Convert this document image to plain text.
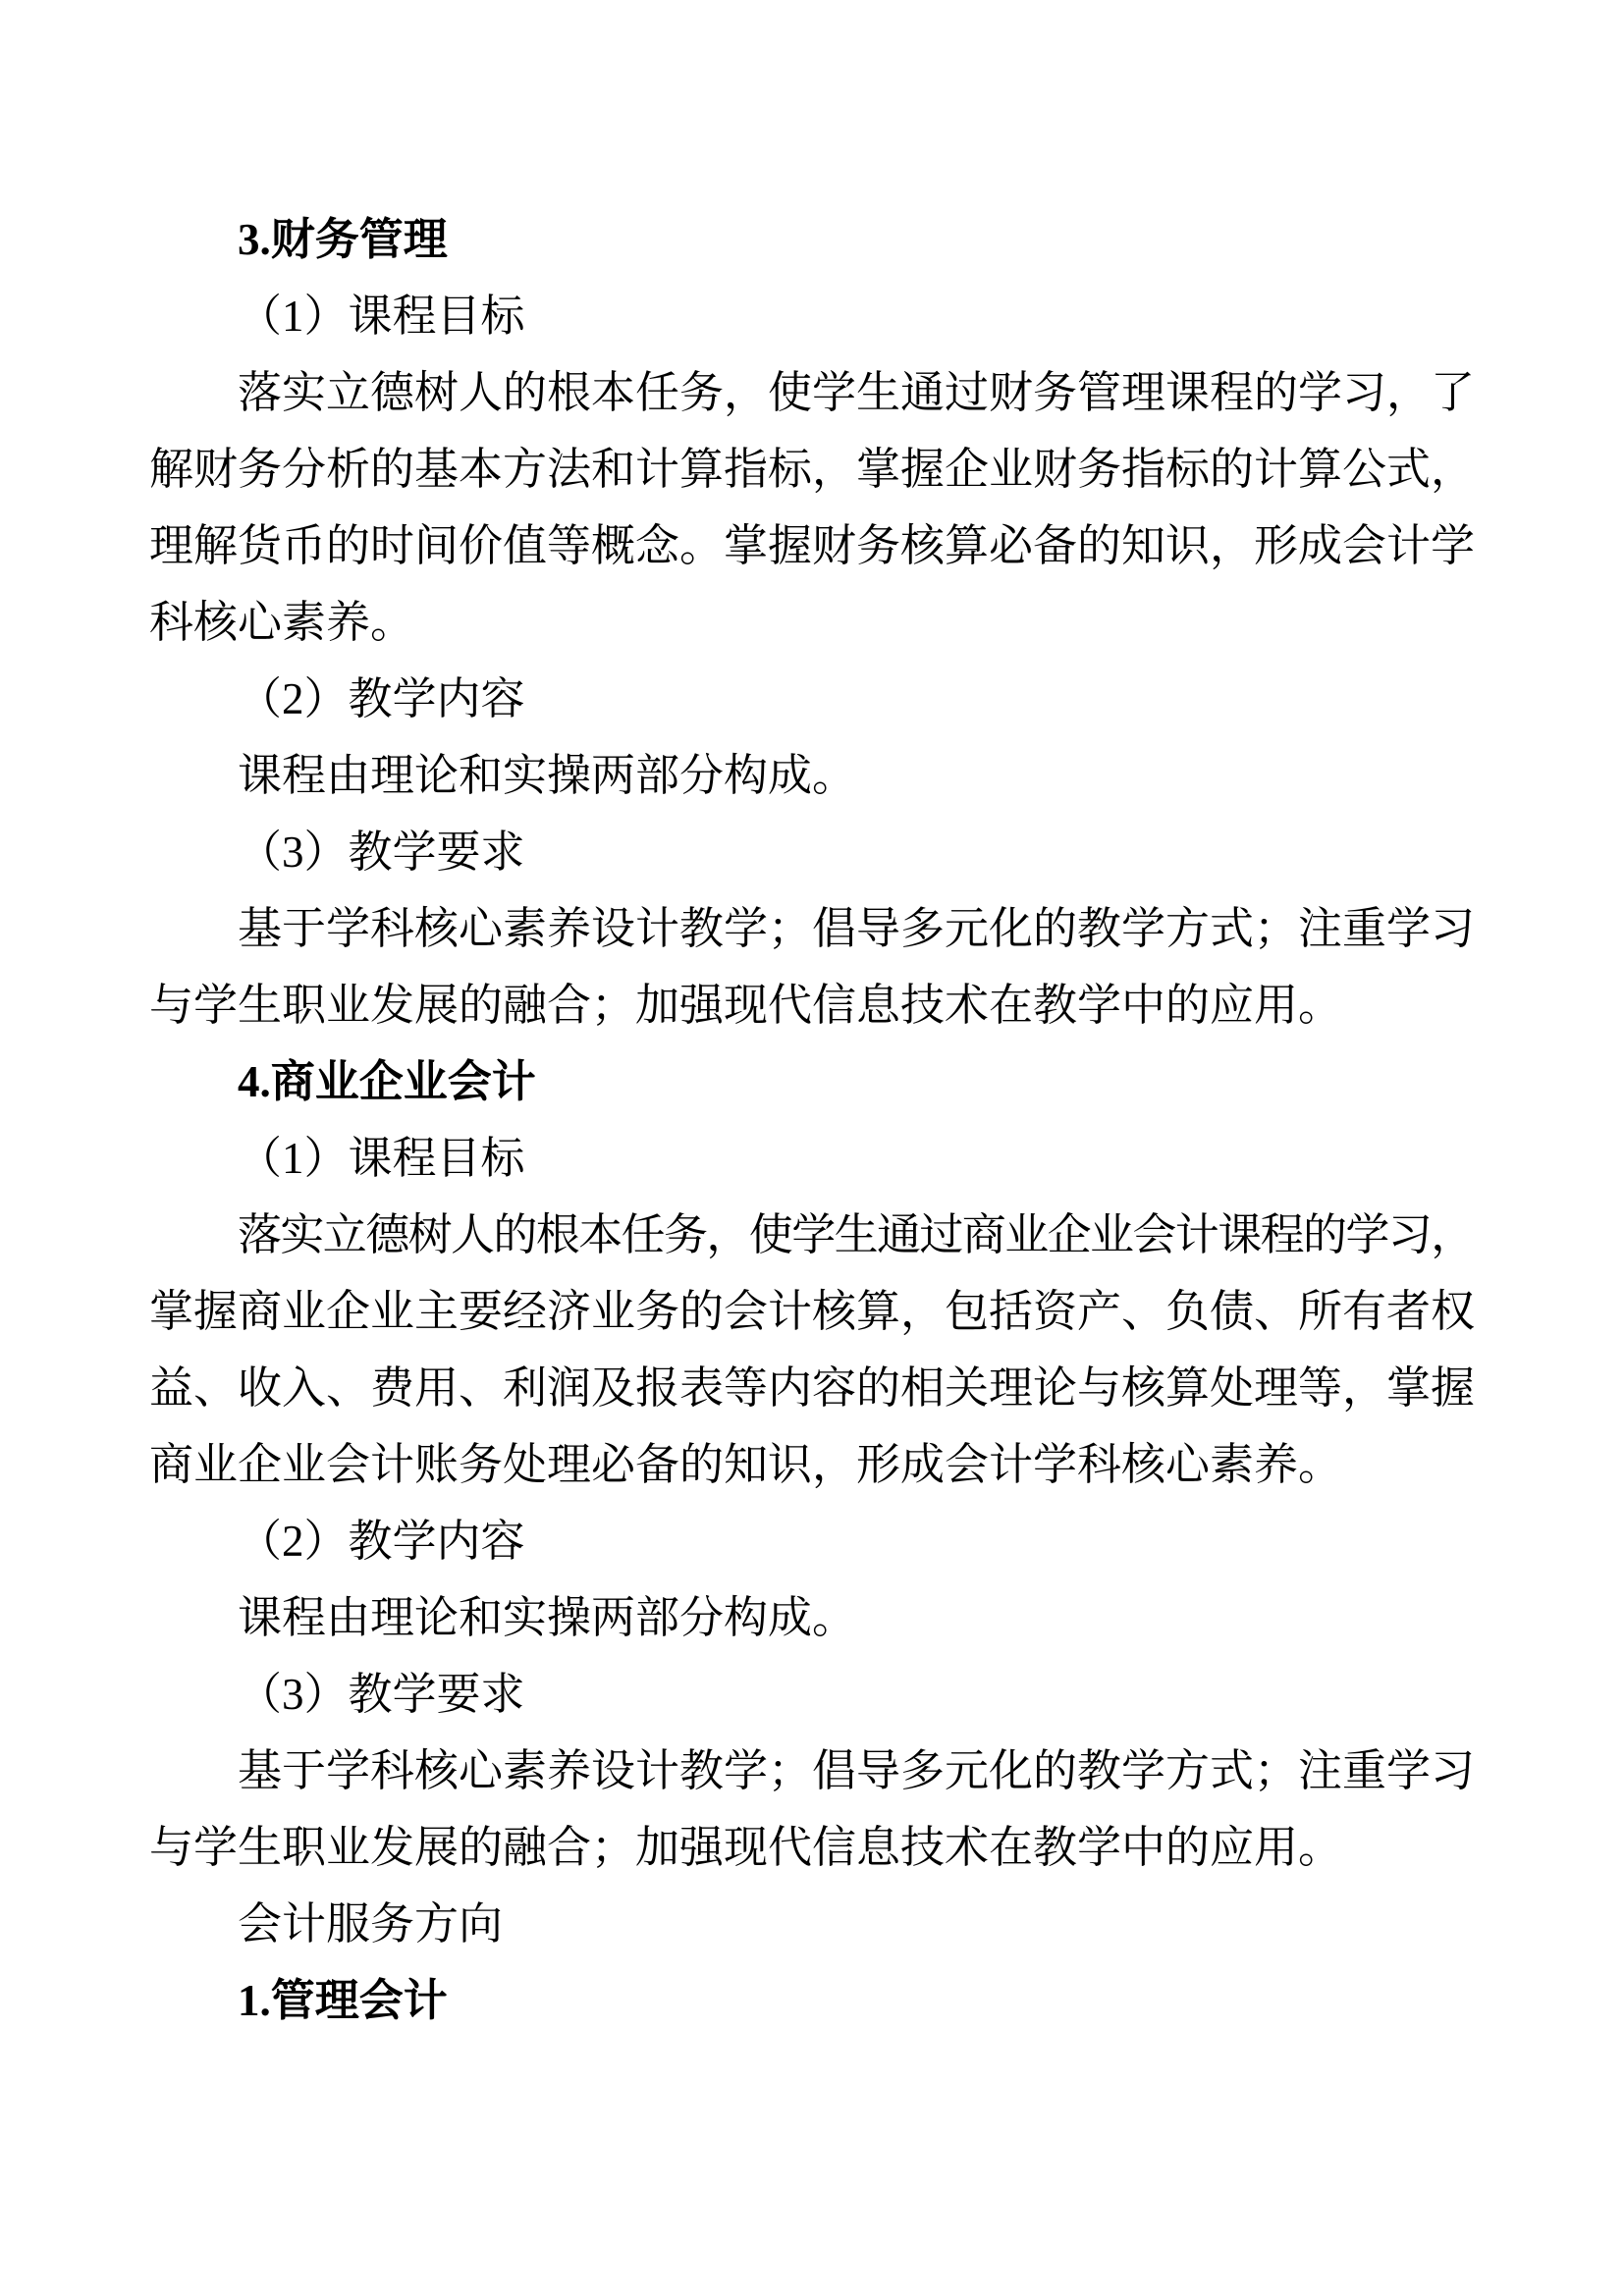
3.财务管理
（1）课程目标
落实立德树人的根本任务，使学生通过财务管理课程的学习，了
解财务分析的基本方法和计算指标，掌握企业财务指标的计算公式，
理解货币的时间价值等概念。掌握财务核算必备的知识，形成会计学
科核心素养。
（2）教学内容
课程由理论和实操两部分构成。
（3）教学要求
基于学科核心素养设计教学；倡导多元化的教学方式；注重学习
与学生职业发展的融合；加强现代信息技术在教学中的应用。
4.商业企业会计
（1）课程目标
落实立德树人的根本任务，使学生通过商业企业会计课程的学习，
掌握商业企业主要经济业务的会计核算，包括资产、负债、所有者权
益、收入、费用、利润及报表等内容的相关理论与核算处理等，掌握
商业企业会计账务处理必备的知识，形成会计学科核心素养。
（2）教学内容
课程由理论和实操两部分构成。
（3）教学要求
基于学科核心素养设计教学；倡导多元化的教学方式；注重学习
与学生职业发展的融合；加强现代信息技术在教学中的应用。
会计服务方向
1.管理会计
